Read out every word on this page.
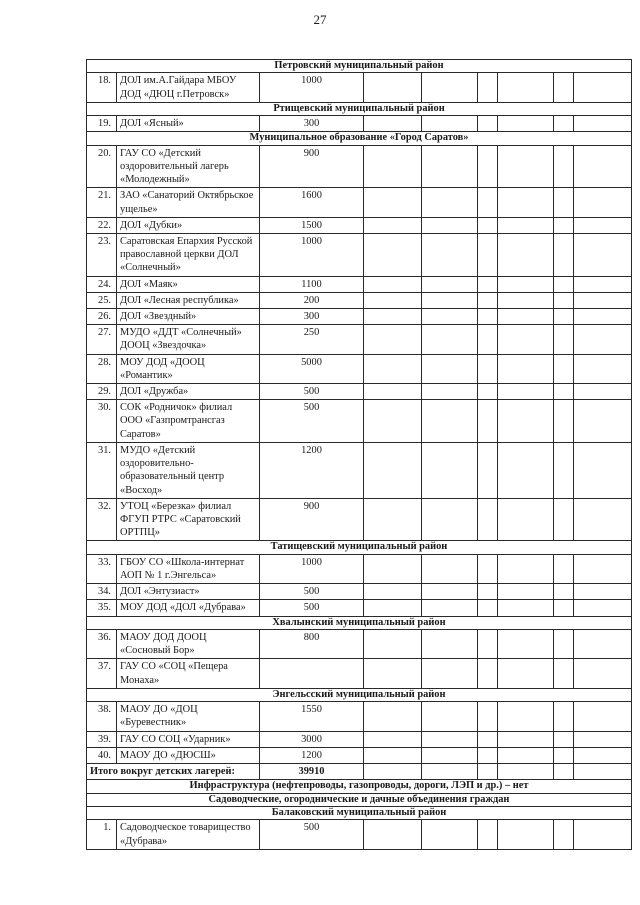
27
Петровский муниципальный район								
18.	ДОЛ им.А.Гайдара МБОУ ДОД «ДЮЦ г.Петровск»	1000						
Ртищевский муниципальный район								
19.	ДОЛ «Ясный»	300						
Муниципальное образование «Город Саратов»								
20.	ГАУ СО «Детский оздоровительный лагерь «Молодежный»	900						
21.	ЗАО «Санаторий Октябрьское ущелье»	1600						
22.	ДОЛ «Дубки»	1500						
23.	Саратовская Епархия Русской православной церкви ДОЛ «Солнечный»	1000						
24.	ДОЛ «Маяк»	1100						
25.	ДОЛ «Лесная республика»	200						
26.	ДОЛ «Звездный»	300						
27.	МУДО «ДДТ «Солнечный» ДООЦ «Звездочка»	250						
28.	МОУ ДОД «ДООЦ «Романтик»	5000						
29.	ДОЛ «Дружба»	500						
30.	СОК «Родничок» филиал ООО «Газпромтрансгаз Саратов»	500						
31.	МУДО «Детский оздоровительно-образовательный центр «Восход»	1200						
32.	УТОЦ «Березка» филиал ФГУП РТРС «Саратовский ОРТПЦ»	900						
Татищевский муниципальный район								
33.	ГБОУ СО «Школа-интернат АОП № 1 г.Энгельса»	1000						
34.	ДОЛ «Энтузиаст»	500						
35.	МОУ ДОД «ДОЛ «Дубрава»	500						
Хвалынский муниципальный район								
36.	МАОУ ДОД ДООЦ «Сосновый Бор»	800						
37.	ГАУ СО «СОЦ «Пещера Монаха»							
Энгельсский муниципальный район								
38.	МАОУ ДО «ДОЦ «Буревестник»	1550						
39.	ГАУ СО СОЦ «Ударник»	3000						
40.	МАОУ ДО «ДЮСШ»	1200						
Итого вокруг детских лагерей:		39910						
Инфраструктура (нефтепроводы, газопроводы, дороги, ЛЭП и др.) – нет								
Садоводческие, огороднические и дачные объединения граждан								
Балаковский муниципальный район								
1.	Садоводческое товарищество «Дубрава»	500						
